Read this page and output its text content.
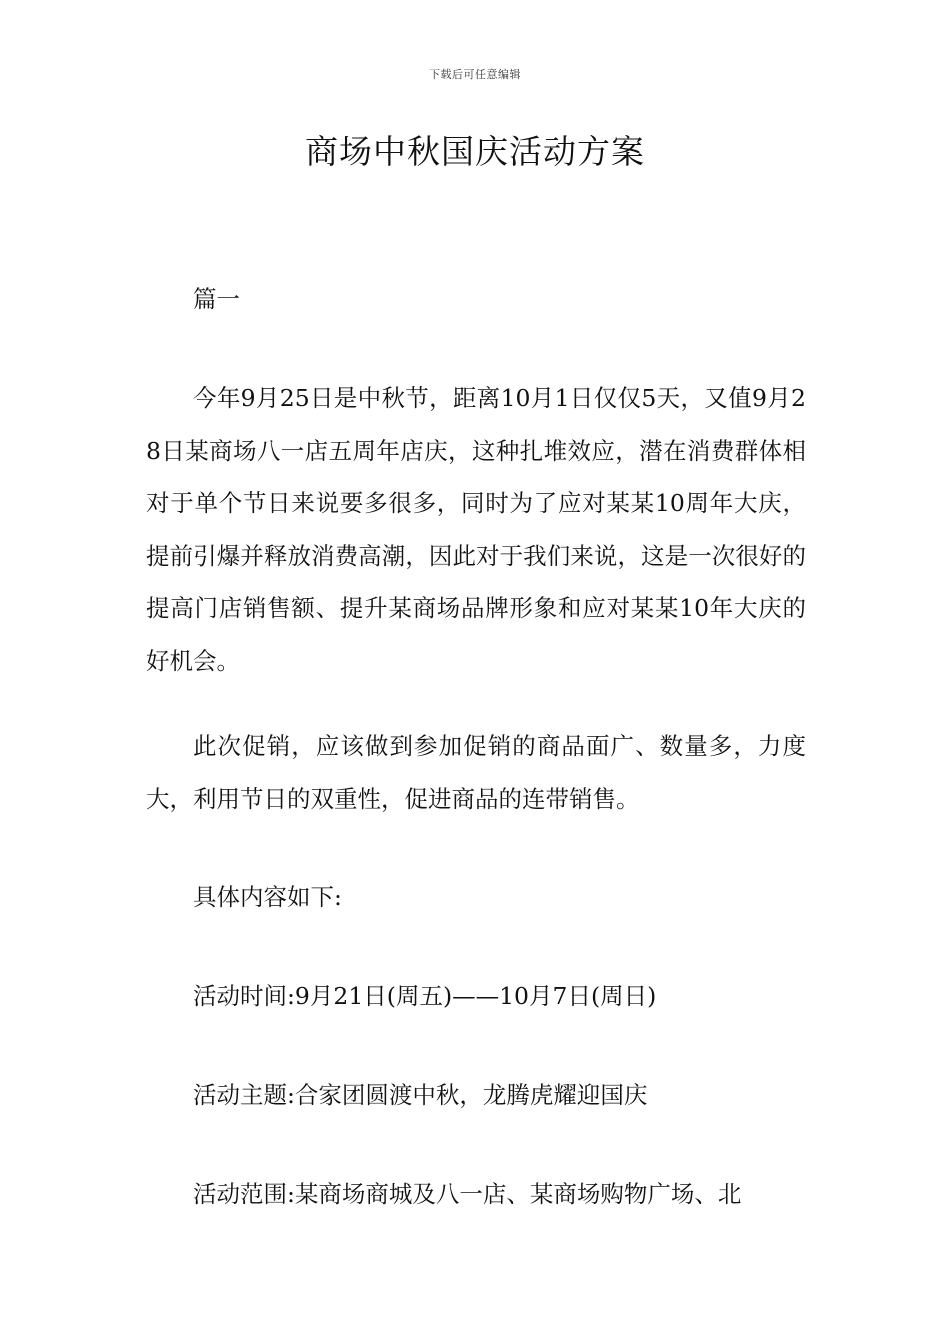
下载后可任意编辑
商场中秋国庆活动方案

篇一

今年9月25日是中秋节，距离10月1日仅仅5天，又值9月28日某商场八一店五周年店庆，这种扎堆效应，潜在消费群体相对于单个节日来说要多很多，同时为了应对某某10周年大庆，提前引爆并释放消费高潮，因此对于我们来说，这是一次很好的提高门店销售额、提升某商场品牌形象和应对某某10年大庆的好机会。

此次促销，应该做到参加促销的商品面广、数量多，力度大，利用节日的双重性，促进商品的连带销售。

具体内容如下:

活动时间:9月21日(周五)——10月7日(周日)

活动主题:合家团圆渡中秋，龙腾虎耀迎国庆

活动范围:某商场商城及八一店、某商场购物广场、北
